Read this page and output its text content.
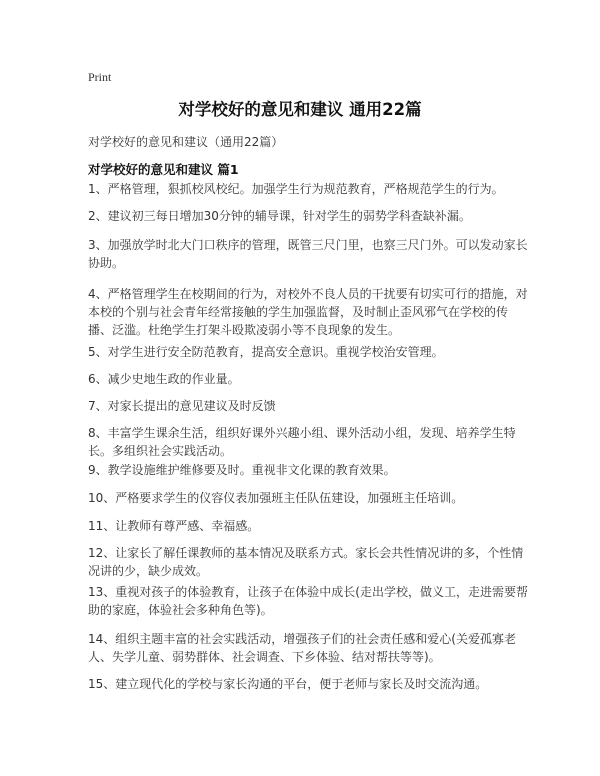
Print
对学校好的意见和建议 通用22篇

对学校好的意见和建议（通用22篇）

对学校好的意见和建议 篇1

1、严格管理，狠抓校风校纪。加强学生行为规范教育，严格规范学生的行为。

2、建议初三每日增加30分钟的辅导课，针对学生的弱势学科查缺补漏。

3、加强放学时北大门口秩序的管理，既管三尺门里，也察三尺门外。可以发动家长协助。

4、严格管理学生在校期间的行为，对校外不良人员的干扰要有切实可行的措施，对本校的个别与社会青年经常接触的学生加强监督，及时制止歪风邪气在学校的传播、泛滥。杜绝学生打架斗殴欺凌弱小等不良现象的发生。

5、对学生进行安全防范教育，提高安全意识。重视学校治安管理。

6、减少史地生政的作业量。

7、对家长提出的意见建议及时反馈

8、丰富学生课余生活，组织好课外兴趣小组、课外活动小组，发现、培养学生特长。多组织社会实践活动。

9、教学设施维护维修要及时。重视非文化课的教育效果。

10、严格要求学生的仪容仪表加强班主任队伍建设，加强班主任培训。

11、让教师有尊严感、幸福感。

12、让家长了解任课教师的基本情况及联系方式。家长会共性情况讲的多，个性情况讲的少，缺少成效。

13、重视对孩子的体验教育，让孩子在体验中成长(走出学校，做义工，走进需要帮助的家庭，体验社会多种角色等)。

14、组织主题丰富的社会实践活动，增强孩子们的社会责任感和爱心(关爱孤寡老人、失学儿童、弱势群体、社会调查、下乡体验、结对帮扶等等)。

15、建立现代化的学校与家长沟通的平台，便于老师与家长及时交流沟通。
